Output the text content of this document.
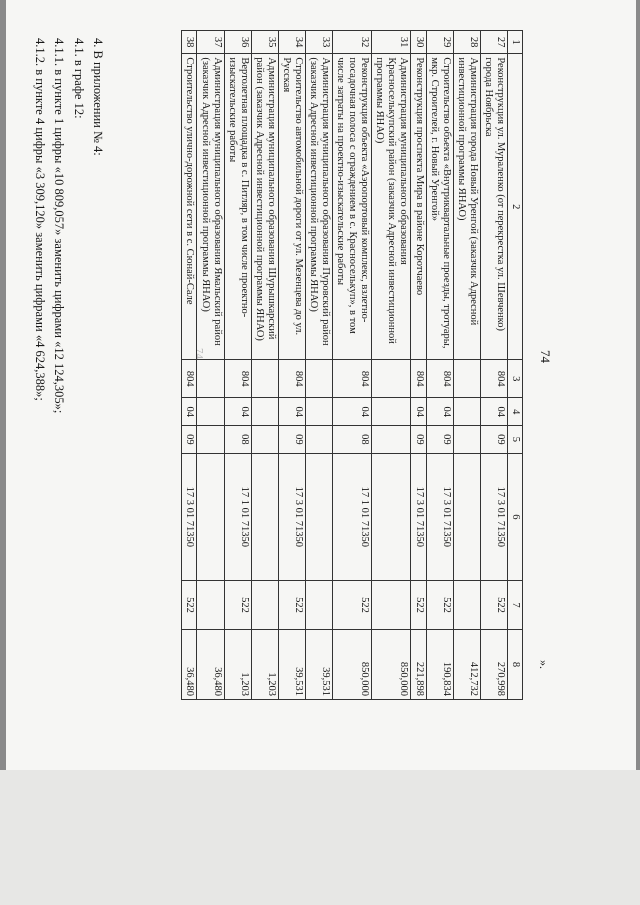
74
74
».
1	2	3	4	5	6	7	8
27	Реконструкция ул. Мураленко (от перекрестка ул. Шевченко) города Ноябрьска	804	04	09	17 3 01 71350	522	270,998
28	Администрация города Новый Уренгой (заказчик Адресной инвестиционной программы ЯНАО)						412,732
29	Строительство объекта «Внутриквартальные проезды, тротуары, мкр. Строителей, г. Новый Уренгой»	804	04	09	17 3 01 71350	522	190,834
30	Реконструкция проспекта Мира в районе Коротчаево	804	04	09	17 3 01 71350	522	221,898
31	Администрация муниципального образования Красноселькупский район (заказчик Адресной инвестиционной программы ЯНАО)						850,000
32	Реконструкция объекта «Аэропортовый комплекс, взлетно-посадочная полоса с ограждением в с. Красноселькуп», в том числе затраты на проектно-изыскательские работы	804	04	08	17 1 01 71350	522	850,000
33	Администрация муниципального образования Пуровский район (заказчик Адресной инвестиционной программы ЯНАО)						39,531
34	Строительство автомобильной дороги от ул. Мезенцева до ул. Русская	804	04	09	17 3 01 71350	522	39,531
35	Администрация муниципального образования Шурышкарский район (заказчик Адресной инвестиционной программы ЯНАО)						1,203
36	Вертолетная площадка в с. Питляр, в том числе проектно-изыскательские работы	804	04	08	17 1 01 71350	522	1,203
37	Администрация муниципального образования Ямальский район (заказчик Адресной инвестиционной программы ЯНАО)						36,480
38	Строительство улично-дорожной сети в с. Сюнай-Сале	804	04	09	17 3 01 71350	522	36,480
4. В приложении № 4:
4.1. в графе 12:
4.1.1. в пункте 1 цифры «10 809,057» заменить цифрами «12 124,305»;
4.1.2. в пункте 4 цифры «3 309,120» заменить цифрами «4 624,388»;
